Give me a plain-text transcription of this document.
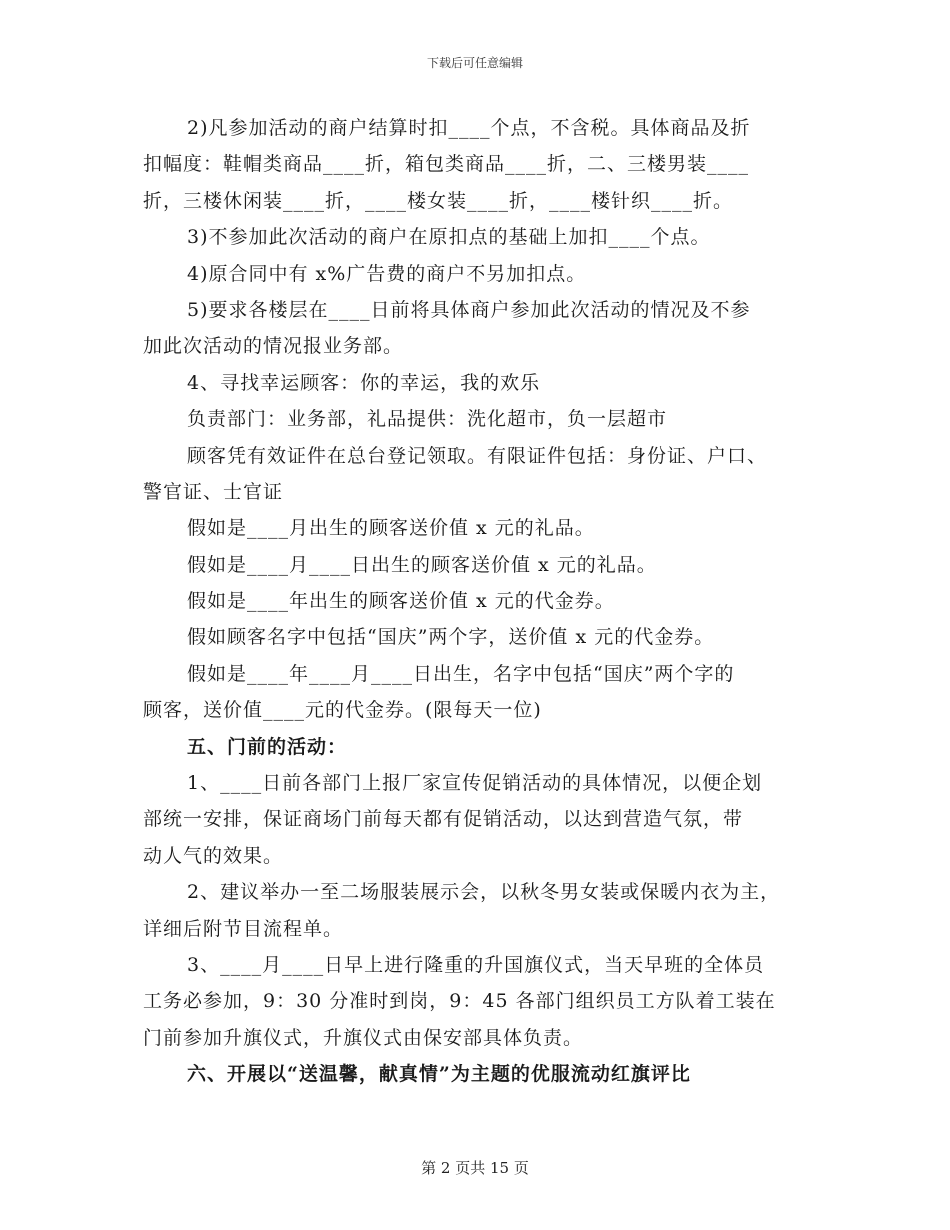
下载后可任意编辑
2)凡参加活动的商户结算时扣____个点，不含税。具体商品及折
扣幅度：鞋帽类商品____折，箱包类商品____折，二、三楼男装____
折，三楼休闲装____折，____楼女装____折，____楼针织____折。
3)不参加此次活动的商户在原扣点的基础上加扣____个点。
4)原合同中有 x%广告费的商户不另加扣点。
5)要求各楼层在____日前将具体商户参加此次活动的情况及不参
加此次活动的情况报业务部。
4、寻找幸运顾客：你的幸运，我的欢乐
负责部门：业务部，礼品提供：洗化超市，负一层超市
顾客凭有效证件在总台登记领取。有限证件包括：身份证、户口、
警官证、士官证
假如是____月出生的顾客送价值 x 元的礼品。
假如是____月____日出生的顾客送价值 x 元的礼品。
假如是____年出生的顾客送价值 x 元的代金券。
假如顾客名字中包括“国庆”两个字，送价值 x 元的代金券。
假如是____年____月____日出生，名字中包括“国庆”两个字的
顾客，送价值____元的代金券。(限每天一位)
五、门前的活动：
1、____日前各部门上报厂家宣传促销活动的具体情况，以便企划
部统一安排，保证商场门前每天都有促销活动，以达到营造气氛，带
动人气的效果。
2、建议举办一至二场服装展示会，以秋冬男女装或保暖内衣为主，
详细后附节目流程单。
3、____月____日早上进行隆重的升国旗仪式，当天早班的全体员
工务必参加，9：30 分准时到岗，9：45 各部门组织员工方队着工装在
门前参加升旗仪式，升旗仪式由保安部具体负责。
六、开展以“送温馨，献真情”为主题的优服流动红旗评比
第 2 页共 15 页
